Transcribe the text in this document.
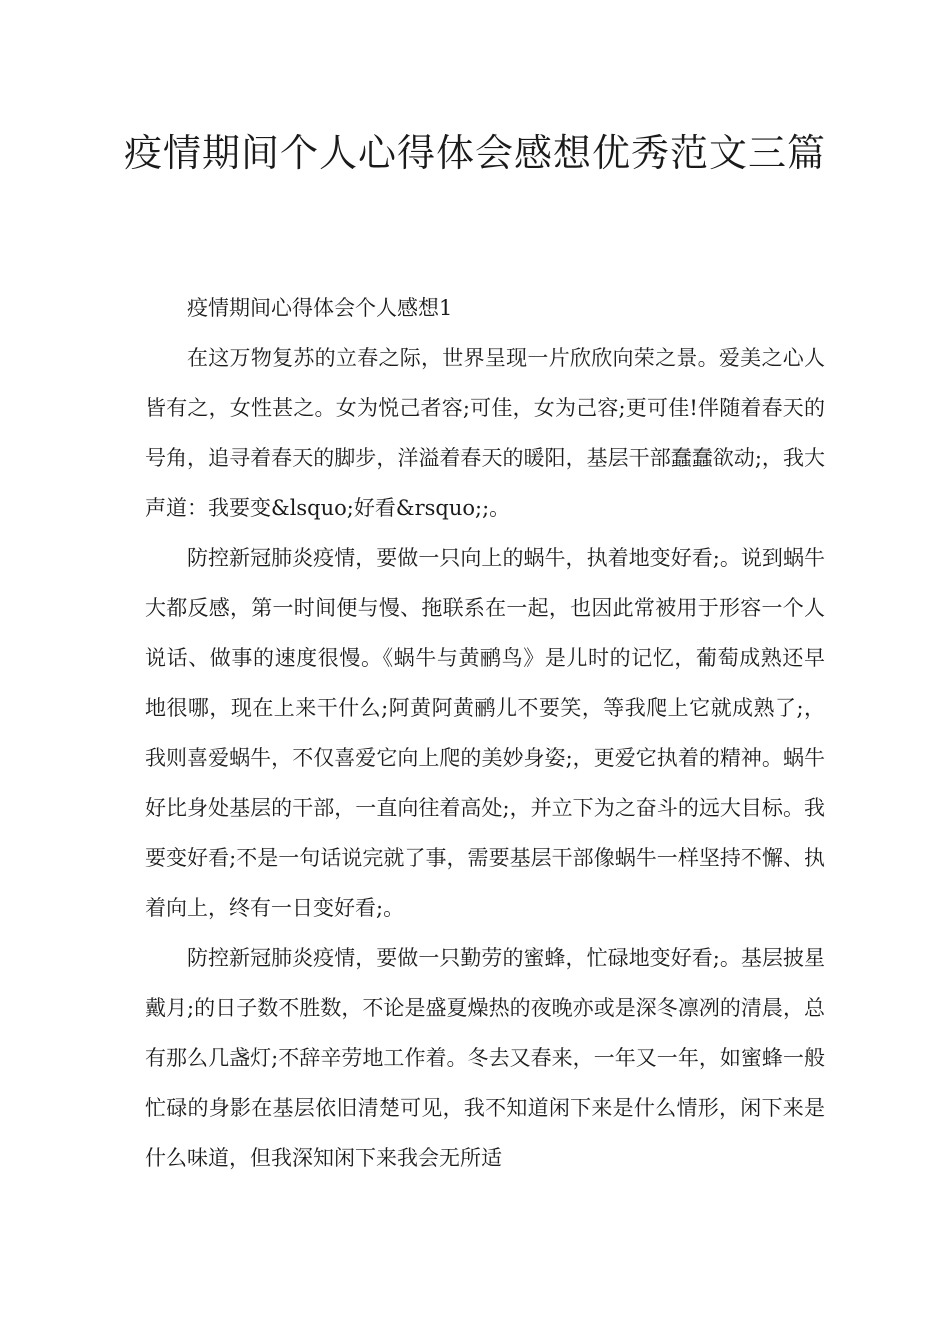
疫情期间个人心得体会感想优秀范文三篇

疫情期间心得体会个人感想1

在这万物复苏的立春之际，世界呈现一片欣欣向荣之景。爱美之心人皆有之，女性甚之。女为悦己者容;可佳，女为己容;更可佳!伴随着春天的号角，追寻着春天的脚步，洋溢着春天的暖阳，基层干部蠢蠢欲动;，我大声道：我要变&lsquo;好看&rsquo;;。

防控新冠肺炎疫情，要做一只向上的蜗牛，执着地变好看;。说到蜗牛大都反感，第一时间便与慢、拖联系在一起，也因此常被用于形容一个人说话、做事的速度很慢。《蜗牛与黄鹂鸟》是儿时的记忆，葡萄成熟还早地很哪，现在上来干什么;阿黄阿黄鹂儿不要笑，等我爬上它就成熟了;，我则喜爱蜗牛，不仅喜爱它向上爬的美妙身姿;，更爱它执着的精神。蜗牛好比身处基层的干部，一直向往着高处;，并立下为之奋斗的远大目标。我要变好看;不是一句话说完就了事，需要基层干部像蜗牛一样坚持不懈、执着向上，终有一日变好看;。

防控新冠肺炎疫情，要做一只勤劳的蜜蜂，忙碌地变好看;。基层披星戴月;的日子数不胜数，不论是盛夏燥热的夜晚亦或是深冬凛冽的清晨，总有那么几盏灯;不辞辛劳地工作着。冬去又春来，一年又一年，如蜜蜂一般忙碌的身影在基层依旧清楚可见，我不知道闲下来是什么情形，闲下来是什么味道，但我深知闲下来我会无所适
